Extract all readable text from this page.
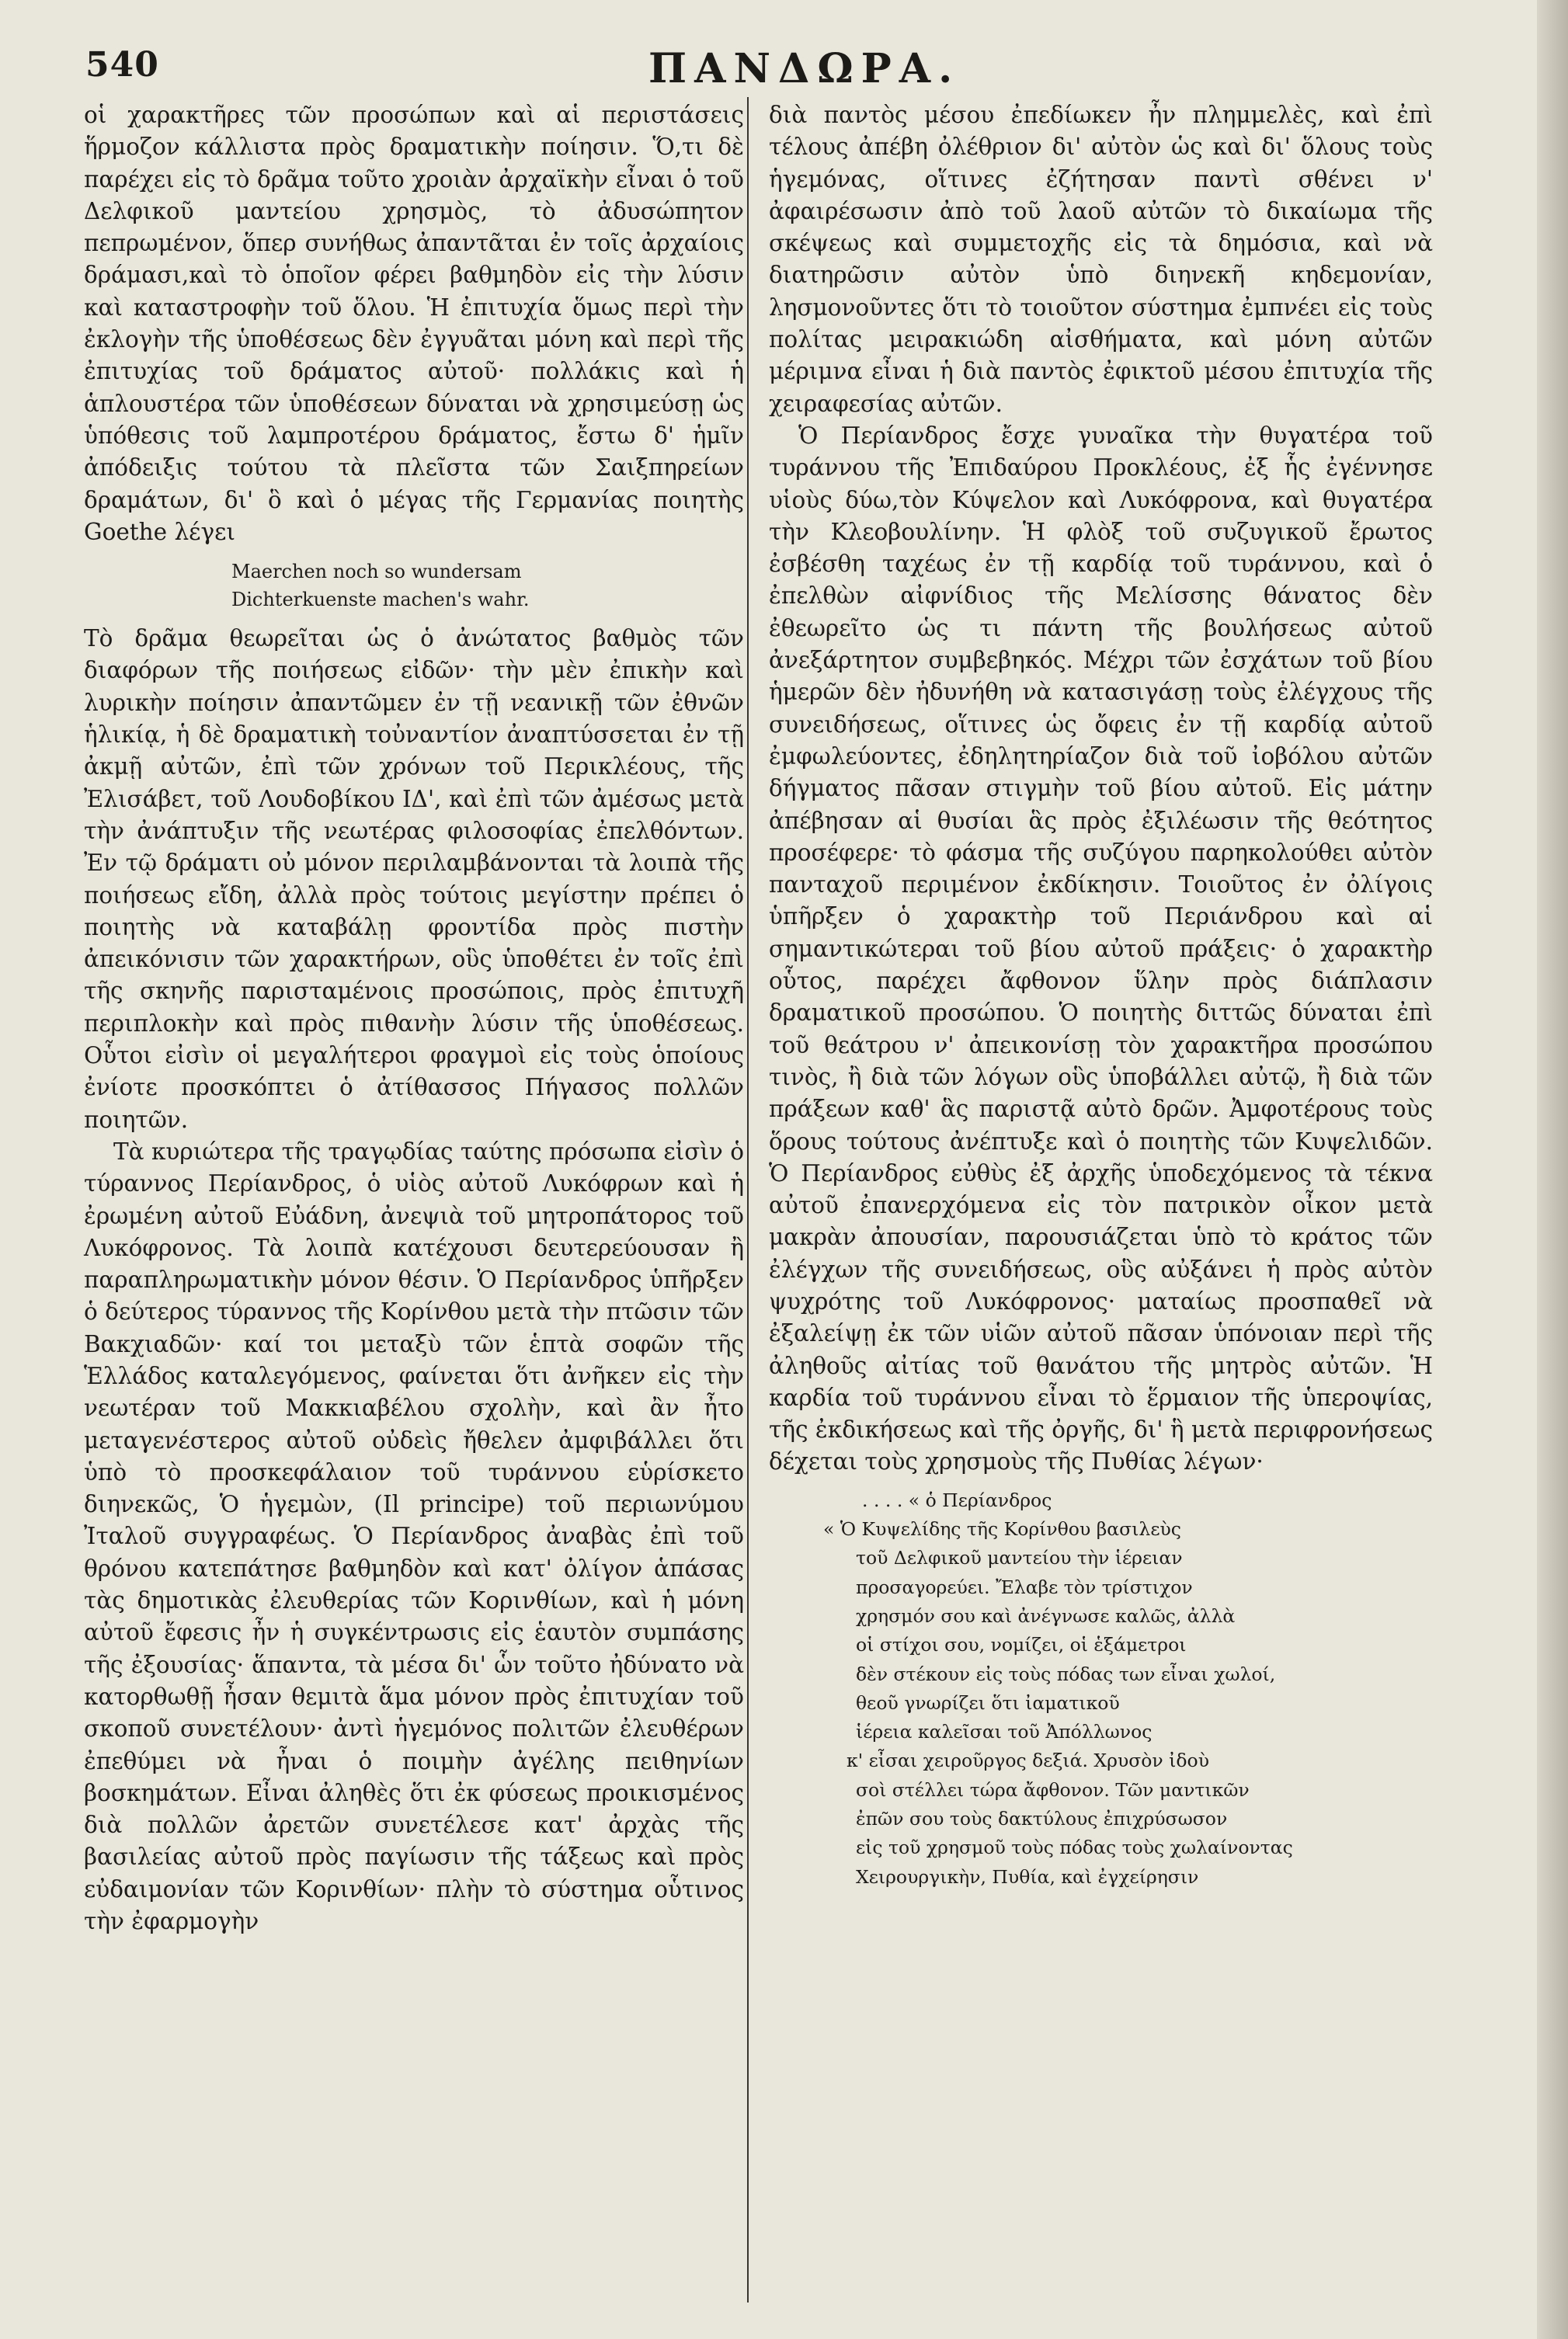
540	ΠΑΝΔΩΡΑ.

οἱ χαρακτῆρες τῶν προσώπων καὶ αἱ περιστάσεις ἥρμοζον κάλλιστα πρὸς δραματικὴν ποίησιν. Ὅ,τι δὲ παρέχει εἰς τὸ δρᾶμα τοῦτο χροιὰν ἀρχαϊκὴν εἶναι ὁ τοῦ Δελφικοῦ μαντείου χρησμὸς, τὸ ἀδυσώπητον πεπρωμένον, ὅπερ συνήθως ἀπαντᾶται ἐν τοῖς ἀρχαίοις δράμασι,καὶ τὸ ὁποῖον φέρει βαθμηδὸν εἰς τὴν λύσιν καὶ καταστροφὴν τοῦ ὅλου. Ἡ ἐπιτυχία ὅμως περὶ τὴν ἐκλογὴν τῆς ὑποθέσεως δὲν ἐγγυᾶται μόνη καὶ περὶ τῆς ἐπιτυχίας τοῦ δράματος αὐτοῦ· πολλάκις καὶ ἡ ἁπλουστέρα τῶν ὑποθέσεων δύναται νὰ χρησιμεύσῃ ὡς ὑπόθεσις τοῦ λαμπροτέρου δράματος, ἔστω δ' ἡμῖν ἀπόδειξις τούτου τὰ πλεῖστα τῶν Σαιξπηρείων δραμάτων, δι' ὃ καὶ ὁ μέγας τῆς Γερμανίας ποιητὴς Goethe λέγει

Maerchen noch so wundersam
Dichterkuenste machen's wahr.

Τὸ δρᾶμα θεωρεῖται ὡς ὁ ἀνώτατος βαθμὸς τῶν διαφόρων τῆς ποιήσεως εἰδῶν· τὴν μὲν ἐπικὴν καὶ λυρικὴν ποίησιν ἀπαντῶμεν ἐν τῇ νεανικῇ τῶν ἐθνῶν ἡλικίᾳ, ἡ δὲ δραματικὴ τοὐναντίον ἀναπτύσσεται ἐν τῇ ἀκμῇ αὐτῶν, ἐπὶ τῶν χρόνων τοῦ Περικλέους, τῆς Ἐλισάβετ, τοῦ Λουδοβίκου ΙΔ', καὶ ἐπὶ τῶν ἀμέσως μετὰ τὴν ἀνάπτυξιν τῆς νεωτέρας φιλοσοφίας ἐπελθόντων. Ἐν τῷ δράματι οὐ μόνον περιλαμβάνονται τὰ λοιπὰ τῆς ποιήσεως εἴδη, ἀλλὰ πρὸς τούτοις μεγίστην πρέπει ὁ ποιητὴς νὰ καταβάλῃ φροντίδα πρὸς πιστὴν ἀπεικόνισιν τῶν χαρακτήρων, οὓς ὑποθέτει ἐν τοῖς ἐπὶ τῆς σκηνῆς παρισταμένοις προσώποις, πρὸς ἐπιτυχῆ περιπλοκὴν καὶ πρὸς πιθανὴν λύσιν τῆς ὑποθέσεως. Οὗτοι εἰσὶν οἱ μεγαλήτεροι φραγμοὶ εἰς τοὺς ὁποίους ἐνίοτε προσκόπτει ὁ ἀτίθασσος Πήγασος πολλῶν ποιητῶν.

Τὰ κυριώτερα τῆς τραγῳδίας ταύτης πρόσωπα εἰσὶν ὁ τύραννος Περίανδρος, ὁ υἱὸς αὐτοῦ Λυκόφρων καὶ ἡ ἐρωμένη αὐτοῦ Εὐάδνη, ἀνεψιὰ τοῦ μητροπάτορος τοῦ Λυκόφρονος. Τὰ λοιπὰ κατέχουσι δευτερεύουσαν ἢ παραπληρωματικὴν μόνον θέσιν. Ὁ Περίανδρος ὑπῆρξεν ὁ δεύτερος τύραννος τῆς Κορίνθου μετὰ τὴν πτῶσιν τῶν Βακχιαδῶν· καί τοι μεταξὺ τῶν ἑπτὰ σοφῶν τῆς Ἑλλάδος καταλεγόμενος, φαίνεται ὅτι ἀνῆκεν εἰς τὴν νεωτέραν τοῦ Μακκιαβέλου σχολὴν, καὶ ἂν ἦτο μεταγενέστερος αὐτοῦ οὐδεὶς ἤθελεν ἀμφιβάλλει ὅτι ὑπὸ τὸ προσκεφάλαιον τοῦ τυράννου εὑρίσκετο διηνεκῶς, Ὁ ἡγεμὼν, (Il principe) τοῦ περιωνύμου Ἰταλοῦ συγγραφέως. Ὁ Περίανδρος ἀναβὰς ἐπὶ τοῦ θρόνου κατεπάτησε βαθμηδὸν καὶ κατ' ὀλίγον ἁπάσας τὰς δημοτικὰς ἐλευθερίας τῶν Κορινθίων, καὶ ἡ μόνη αὐτοῦ ἔφεσις ἦν ἡ συγκέντρωσις εἰς ἑαυτὸν συμπάσης τῆς ἐξουσίας· ἅπαντα, τὰ μέσα δι' ὧν τοῦτο ἠδύνατο νὰ κατορθωθῇ ἦσαν θεμιτὰ ἅμα μόνον πρὸς ἐπιτυχίαν τοῦ σκοποῦ συνετέλουν· ἀντὶ ἡγεμόνος πολιτῶν ἐλευθέρων ἐπεθύμει νὰ ἦναι ὁ ποιμὴν ἀγέλης πειθηνίων βοσκημάτων. Εἶναι ἀληθὲς ὅτι ἐκ φύσεως προικισμένος διὰ πολλῶν ἀρετῶν συνετέλεσε κατ' ἀρχὰς τῆς βασιλείας αὐτοῦ πρὸς παγίωσιν τῆς τάξεως καὶ πρὸς εὐδαιμονίαν τῶν Κορινθίων· πλὴν τὸ σύστημα οὗτινος τὴν ἐφαρμογὴν

διὰ παντὸς μέσου ἐπεδίωκεν ἦν πλημμελὲς, καὶ ἐπὶ τέλους ἀπέβη ὀλέθριον δι' αὐτὸν ὡς καὶ δι' ὅλους τοὺς ἡγεμόνας, οἵτινες ἐζήτησαν παντὶ σθένει ν' ἀφαιρέσωσιν ἀπὸ τοῦ λαοῦ αὐτῶν τὸ δικαίωμα τῆς σκέψεως καὶ συμμετοχῆς εἰς τὰ δημόσια, καὶ νὰ διατηρῶσιν αὐτὸν ὑπὸ διηνεκῆ κηδεμονίαν, λησμονοῦντες ὅτι τὸ τοιοῦτον σύστημα ἐμπνέει εἰς τοὺς πολίτας μειρακιώδη αἰσθήματα, καὶ μόνη αὐτῶν μέριμνα εἶναι ἡ διὰ παντὸς ἐφικτοῦ μέσου ἐπιτυχία τῆς χειραφεσίας αὐτῶν.

Ὁ Περίανδρος ἔσχε γυναῖκα τὴν θυγατέρα τοῦ τυράννου τῆς Ἐπιδαύρου Προκλέους, ἐξ ἧς ἐγέννησε υἱοὺς δύω,τὸν Κύψελον καὶ Λυκόφρονα, καὶ θυγατέρα τὴν Κλεοβουλίνην. Ἡ φλὸξ τοῦ συζυγικοῦ ἔρωτος ἐσβέσθη ταχέως ἐν τῇ καρδίᾳ τοῦ τυράννου, καὶ ὁ ἐπελθὼν αἰφνίδιος τῆς Μελίσσης θάνατος δὲν ἐθεωρεῖτο ὡς τι πάντη τῆς βουλήσεως αὐτοῦ ἀνεξάρτητον συμβεβηκός. Μέχρι τῶν ἐσχάτων τοῦ βίου ἡμερῶν δὲν ἠδυνήθη νὰ κατασιγάσῃ τοὺς ἐλέγχους τῆς συνειδήσεως, οἵτινες ὡς ὄφεις ἐν τῇ καρδίᾳ αὐτοῦ ἐμφωλεύοντες, ἐδηλητηρίαζον διὰ τοῦ ἰοβόλου αὐτῶν δήγματος πᾶσαν στιγμὴν τοῦ βίου αὐτοῦ. Εἰς μάτην ἀπέβησαν αἱ θυσίαι ἃς πρὸς ἐξιλέωσιν τῆς θεότητος προσέφερε· τὸ φάσμα τῆς συζύγου παρηκολούθει αὐτὸν πανταχοῦ περιμένον ἐκδίκησιν. Τοιοῦτος ἐν ὀλίγοις ὑπῆρξεν ὁ χαρακτὴρ τοῦ Περιάνδρου καὶ αἱ σημαντικώτεραι τοῦ βίου αὐτοῦ πράξεις· ὁ χαρακτὴρ οὗτος, παρέχει ἄφθονον ὕλην πρὸς διάπλασιν δραματικοῦ προσώπου. Ὁ ποιητὴς διττῶς δύναται ἐπὶ τοῦ θεάτρου ν' ἀπεικονίσῃ τὸν χαρακτῆρα προσώπου τινὸς, ἢ διὰ τῶν λόγων οὓς ὑποβάλλει αὐτῷ, ἢ διὰ τῶν πράξεων καθ' ἃς παριστᾷ αὐτὸ δρῶν. Ἀμφοτέρους τοὺς ὅρους τούτους ἀνέπτυξε καὶ ὁ ποιητὴς τῶν Κυψελιδῶν. Ὁ Περίανδρος εὐθὺς ἐξ ἀρχῆς ὑποδεχόμενος τὰ τέκνα αὐτοῦ ἐπανερχόμενα εἰς τὸν πατρικὸν οἶκον μετὰ μακρὰν ἀπουσίαν, παρουσιάζεται ὑπὸ τὸ κράτος τῶν ἐλέγχων τῆς συνειδήσεως, οὓς αὐξάνει ἡ πρὸς αὐτὸν ψυχρότης τοῦ Λυκόφρονος· ματαίως προσπαθεῖ νὰ ἐξαλείψῃ ἐκ τῶν υἱῶν αὐτοῦ πᾶσαν ὑπόνοιαν περὶ τῆς ἀληθοῦς αἰτίας τοῦ θανάτου τῆς μητρὸς αὐτῶν. Ἡ καρδία τοῦ τυράννου εἶναι τὸ ἕρμαιον τῆς ὑπεροψίας, τῆς ἐκδικήσεως καὶ τῆς ὀργῆς, δι' ἣ μετὰ περιφρονήσεως δέχεται τοὺς χρησμοὺς τῆς Πυθίας λέγων·

. . . . « ὁ Περίανδρος
« Ὁ Κυψελίδης τῆς Κορίνθου βασιλεὺς
τοῦ Δελφικοῦ μαντείου τὴν ἱέρειαν
προσαγορεύει. Ἔλαβε τὸν τρίστιχον
χρησμόν σου καὶ ἀνέγνωσε καλῶς, ἀλλὰ
οἱ στίχοι σου, νομίζει, οἱ ἑξάμετροι
δὲν στέκουν εἰς τοὺς πόδας των εἶναι χωλοί,
θεοῦ γνωρίζει ὅτι ἰαματικοῦ
ἱέρεια καλεῖσαι τοῦ Ἀπόλλωνος
κ' εἶσαι χειροῦργος δεξιά. Χρυσὸν ἰδοὺ
σοὶ στέλλει τώρα ἄφθονον. Τῶν μαντικῶν
ἐπῶν σου τοὺς δακτύλους ἐπιχρύσωσον
εἰς τοῦ χρησμοῦ τοὺς πόδας τοὺς χωλαίνοντας
Χειρουργικὴν, Πυθία, καὶ ἐγχείρησιν
